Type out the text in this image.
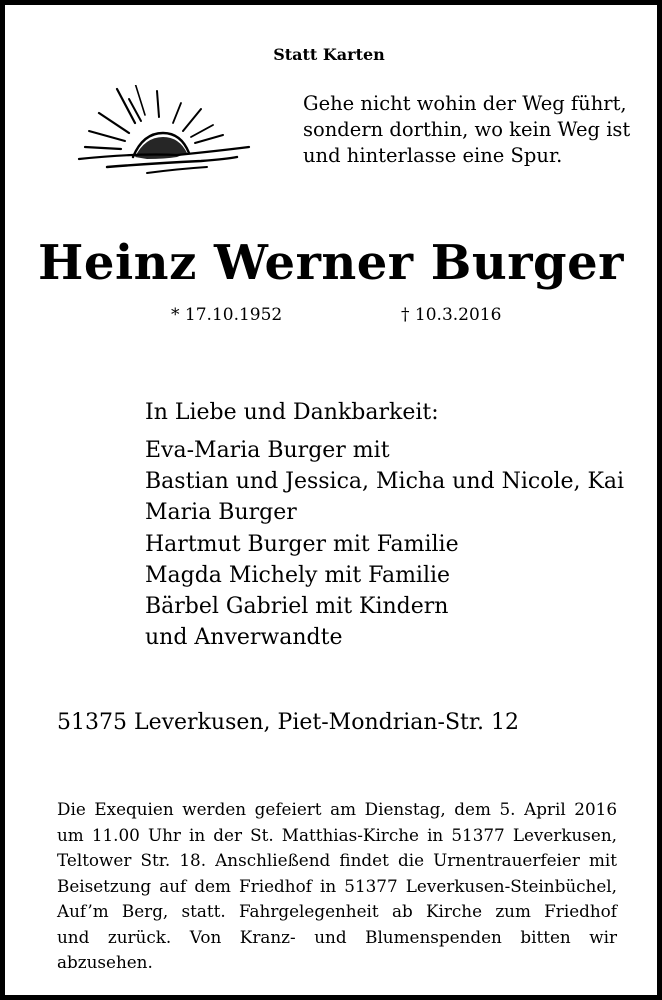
Statt Karten
Gehe nicht wohin der Weg führt,
sondern dorthin, wo kein Weg ist
und hinterlasse eine Spur.
Heinz Werner Burger
* 17.10.1952	† 10.3.2016
In Liebe und Dankbarkeit:
Eva-Maria Burger mit
Bastian und Jessica, Micha und Nicole, Kai
Maria Burger
Hartmut Burger mit Familie
Magda Michely mit Familie
Bärbel Gabriel mit Kindern
und Anverwandte
51375 Leverkusen, Piet-Mondrian-Str. 12
Die Exequien werden gefeiert am Dienstag, dem 5. April 2016
um 11.00 Uhr in der St. Matthias-Kirche in 51377 Leverkusen,
Teltower Str. 18. Anschließend findet die Urnentrauerfeier mit
Beisetzung auf dem Friedhof in 51377 Leverkusen-Steinbüchel,
Auf’m Berg, statt. Fahrgelegenheit ab Kirche zum Friedhof
und zurück. Von Kranz- und Blumenspenden bitten wir
abzusehen.
